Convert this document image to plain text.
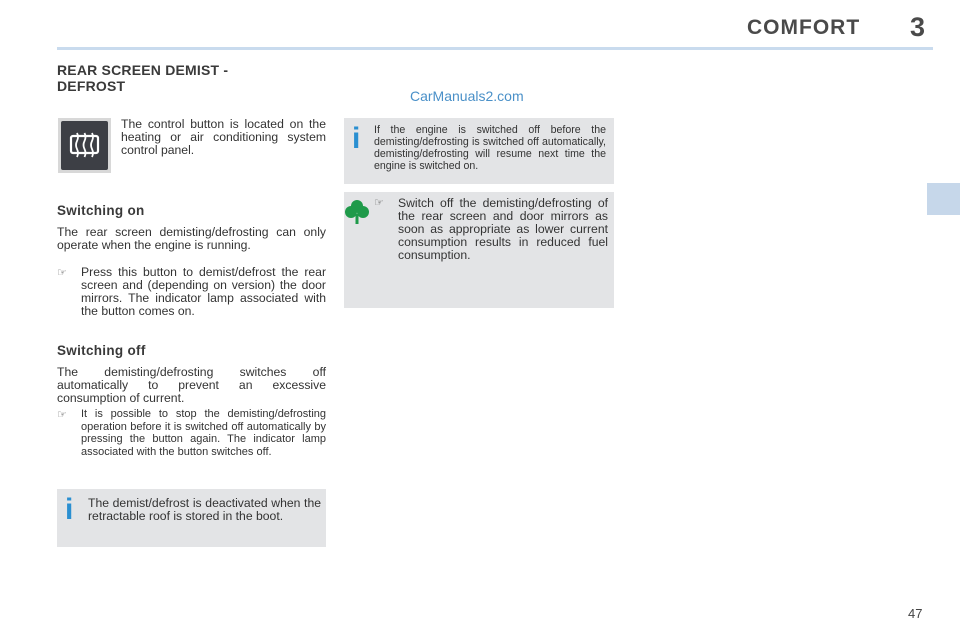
COMFORT 3
REAR SCREEN DEMIST - DEFROST
CarManuals2.com
The control button is located on the heating or air conditioning system control panel.
Switching on
The rear screen demisting/defrosting can only operate when the engine is running.
☞ Press this button to demist/defrost the rear screen and (depending on version) the door mirrors. The indicator lamp associated with the button comes on.
Switching off
The demisting/defrosting switches off automatically to prevent an excessive consumption of current.
☞ It is possible to stop the demisting/defrosting operation before it is switched off automatically by pressing the button again. The indicator lamp associated with the button switches off.
i The demist/defrost is deactivated when the retractable roof is stored in the boot.
i If the engine is switched off before the demisting/defrosting is switched off automatically, demisting/defrosting will resume next time the engine is switched on.
☞ Switch off the demisting/defrosting of the rear screen and door mirrors as soon as appropriate as lower current consumption results in reduced fuel consumption.
47
